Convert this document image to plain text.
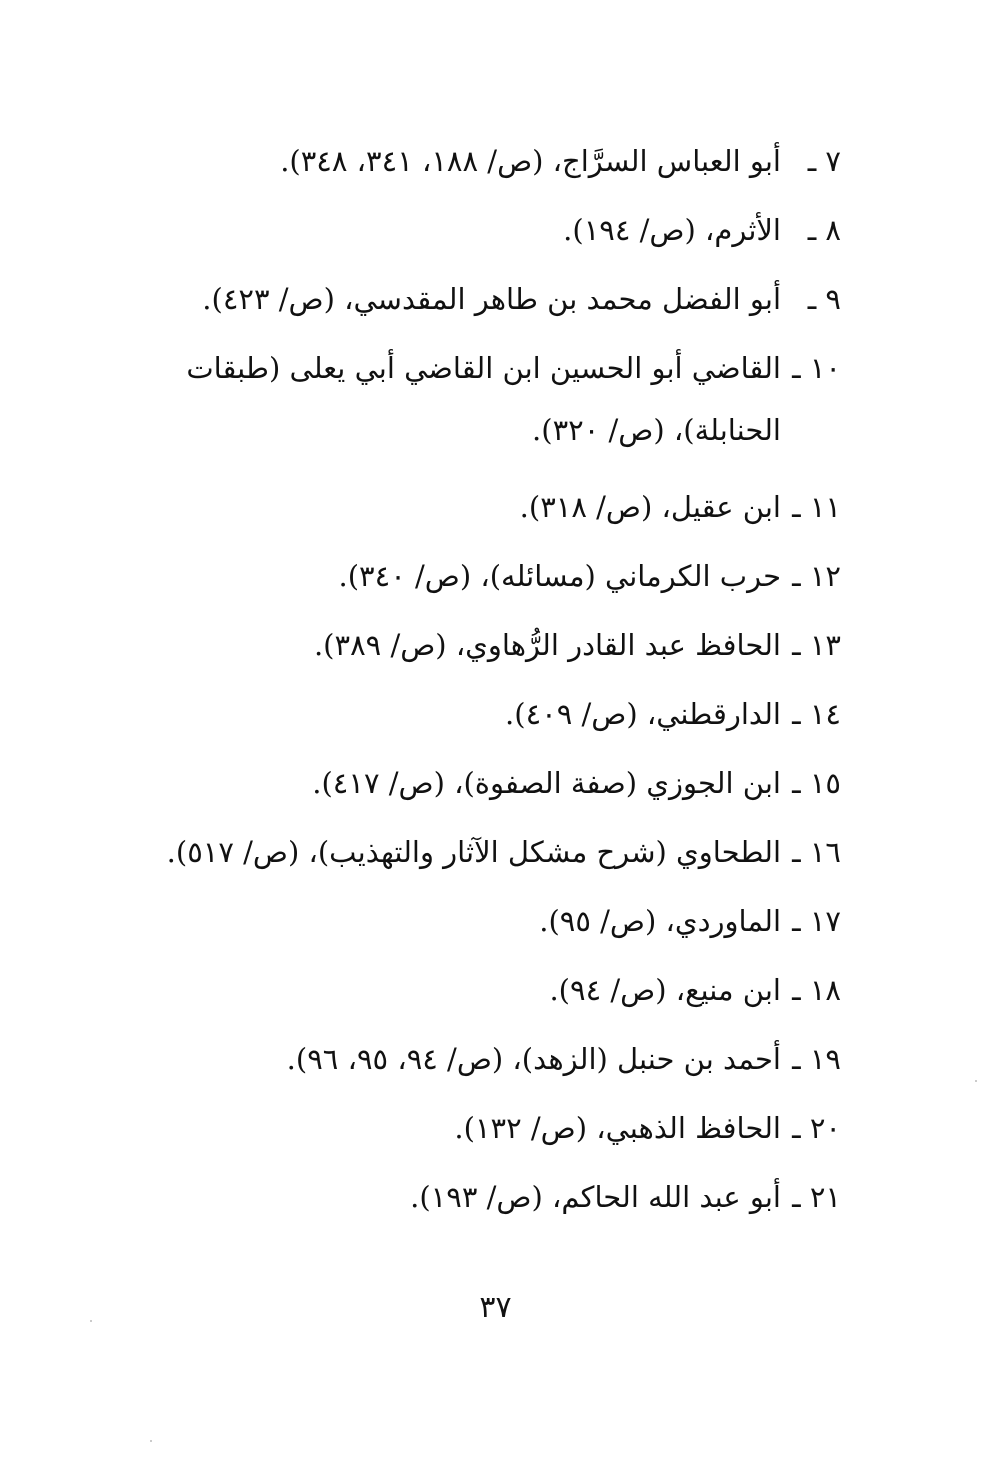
٧ ـ
أبو العباس السرَّاج، (ص/ ١٨٨، ٣٤١، ٣٤٨).
٨ ـ
الأثرم، (ص/ ١٩٤).
٩ ـ
أبو الفضل محمد بن طاهر المقدسي، (ص/ ٤٢٣).
١٠ ـ
القاضي أبو الحسين ابن القاضي أبي يعلى (طبقات الحنابلة)، (ص/ ٣٢٠).
١١ ـ
ابن عقيل، (ص/ ٣١٨).
١٢ ـ
حرب الكرماني (مسائله)، (ص/ ٣٤٠).
١٣ ـ
الحافظ عبد القادر الرُّهاوي، (ص/ ٣٨٩).
١٤ ـ
الدارقطني، (ص/ ٤٠٩).
١٥ ـ
ابن الجوزي (صفة الصفوة)، (ص/ ٤١٧).
١٦ ـ
الطحاوي (شرح مشكل الآثار والتهذيب)، (ص/ ٥١٧).
١٧ ـ
الماوردي، (ص/ ٩٥).
١٨ ـ
ابن منيع، (ص/ ٩٤).
١٩ ـ
أحمد بن حنبل (الزهد)، (ص/ ٩٤، ٩٥، ٩٦).
٢٠ ـ
الحافظ الذهبي، (ص/ ١٣٢).
٢١ ـ
أبو عبد الله الحاكم، (ص/ ١٩٣).
٣٧
